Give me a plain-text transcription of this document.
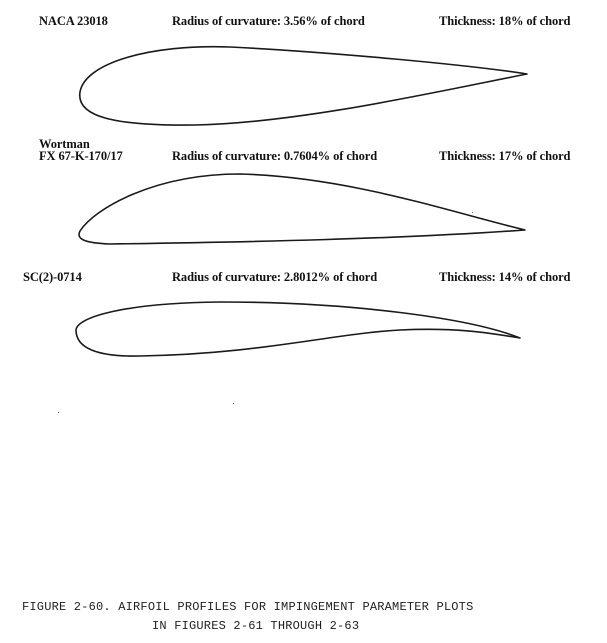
NACA 23018	Radius of curvature: 3.56% of chord	Thickness: 18% of chord
Wortman
FX 67-K-170/17	Radius of curvature: 0.7604% of chord	Thickness: 17% of chord
SC(2)-0714	Radius of curvature: 2.8012% of chord	Thickness: 14% of chord
FIGURE 2-60. AIRFOIL PROFILES FOR IMPINGEMENT PARAMETER PLOTS
IN FIGURES 2-61 THROUGH 2-63
